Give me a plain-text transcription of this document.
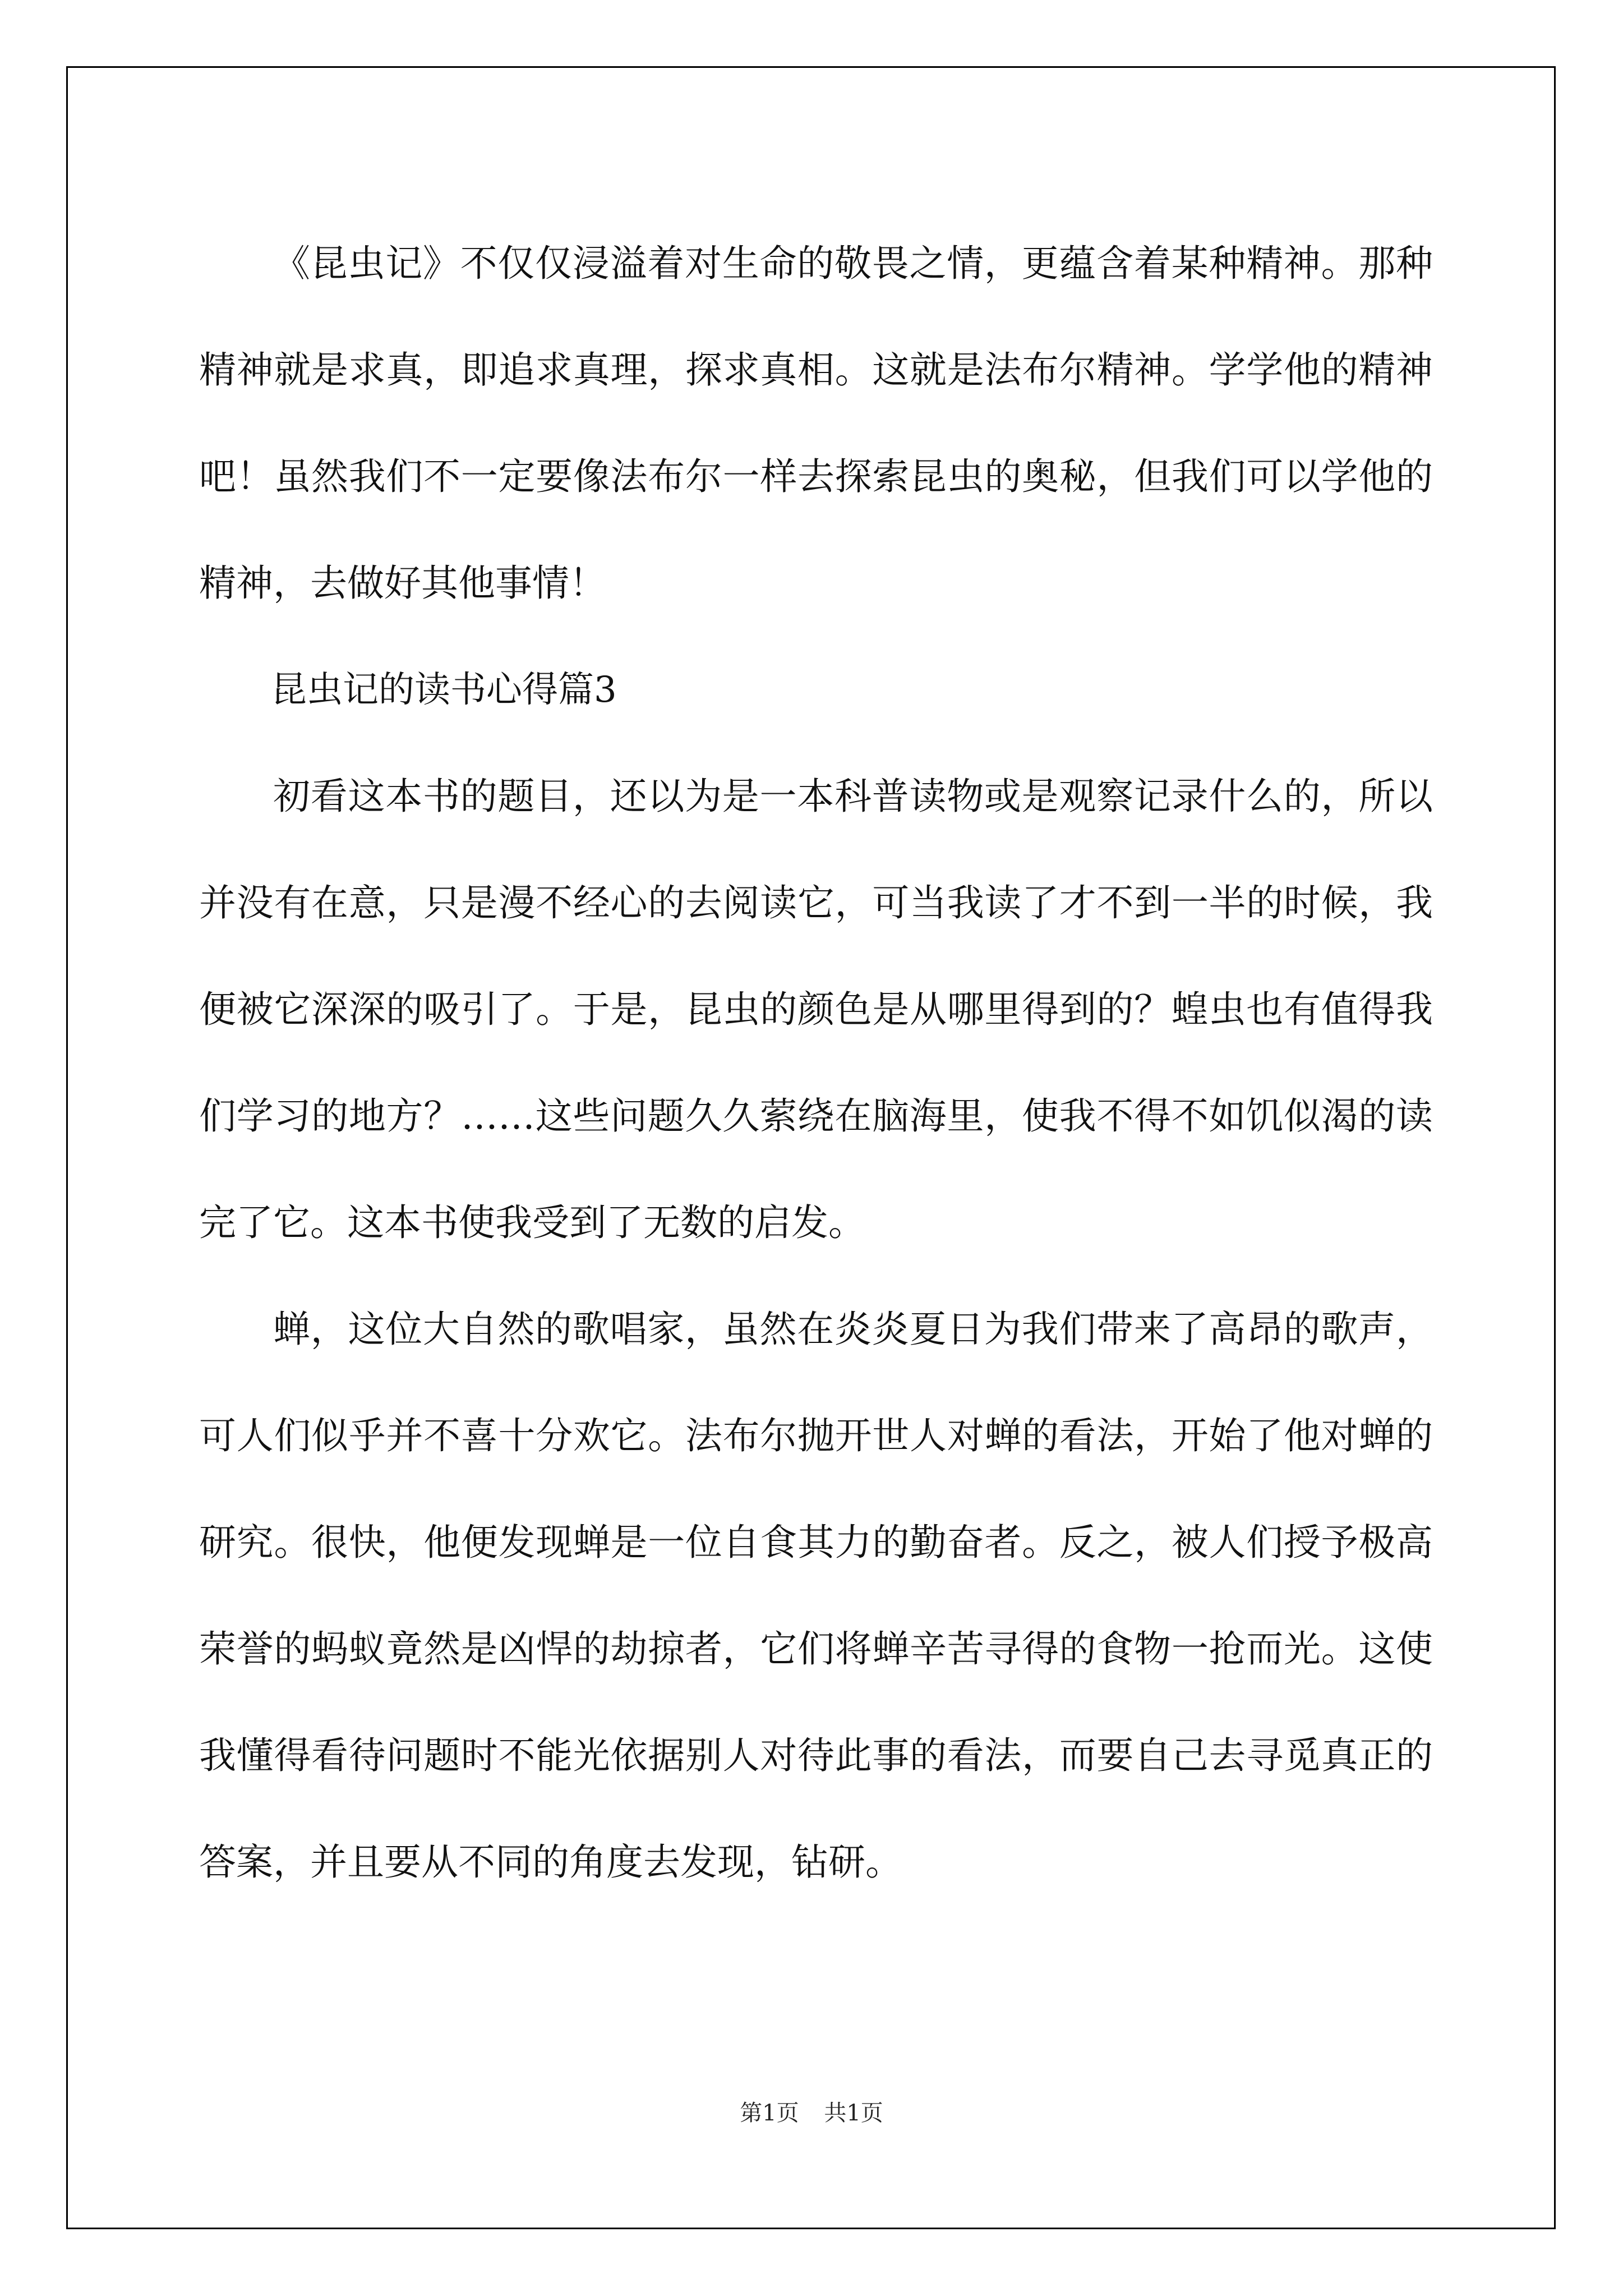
《昆虫记》不仅仅浸溢着对生命的敬畏之情，更蕴含着某种精神。那种精神就是求真，即追求真理，探求真相。这就是法布尔精神。学学他的精神吧！虽然我们不一定要像法布尔一样去探索昆虫的奥秘，但我们可以学他的精神，去做好其他事情！

昆虫记的读书心得篇3

初看这本书的题目，还以为是一本科普读物或是观察记录什么的，所以并没有在意，只是漫不经心的去阅读它，可当我读了才不到一半的时候，我便被它深深的吸引了。于是，昆虫的颜色是从哪里得到的？蝗虫也有值得我们学习的地方？……这些问题久久萦绕在脑海里，使我不得不如饥似渴的读完了它。这本书使我受到了无数的启发。

蝉，这位大自然的歌唱家，虽然在炎炎夏日为我们带来了高昂的歌声，可人们似乎并不喜十分欢它。法布尔抛开世人对蝉的看法，开始了他对蝉的研究。很快，他便发现蝉是一位自食其力的勤奋者。反之，被人们授予极高荣誉的蚂蚁竟然是凶悍的劫掠者，它们将蝉辛苦寻得的食物一抢而光。这使我懂得看待问题时不能光依据别人对待此事的看法，而要自己去寻觅真正的答案，并且要从不同的角度去发现，钻研。

第1页 共1页
